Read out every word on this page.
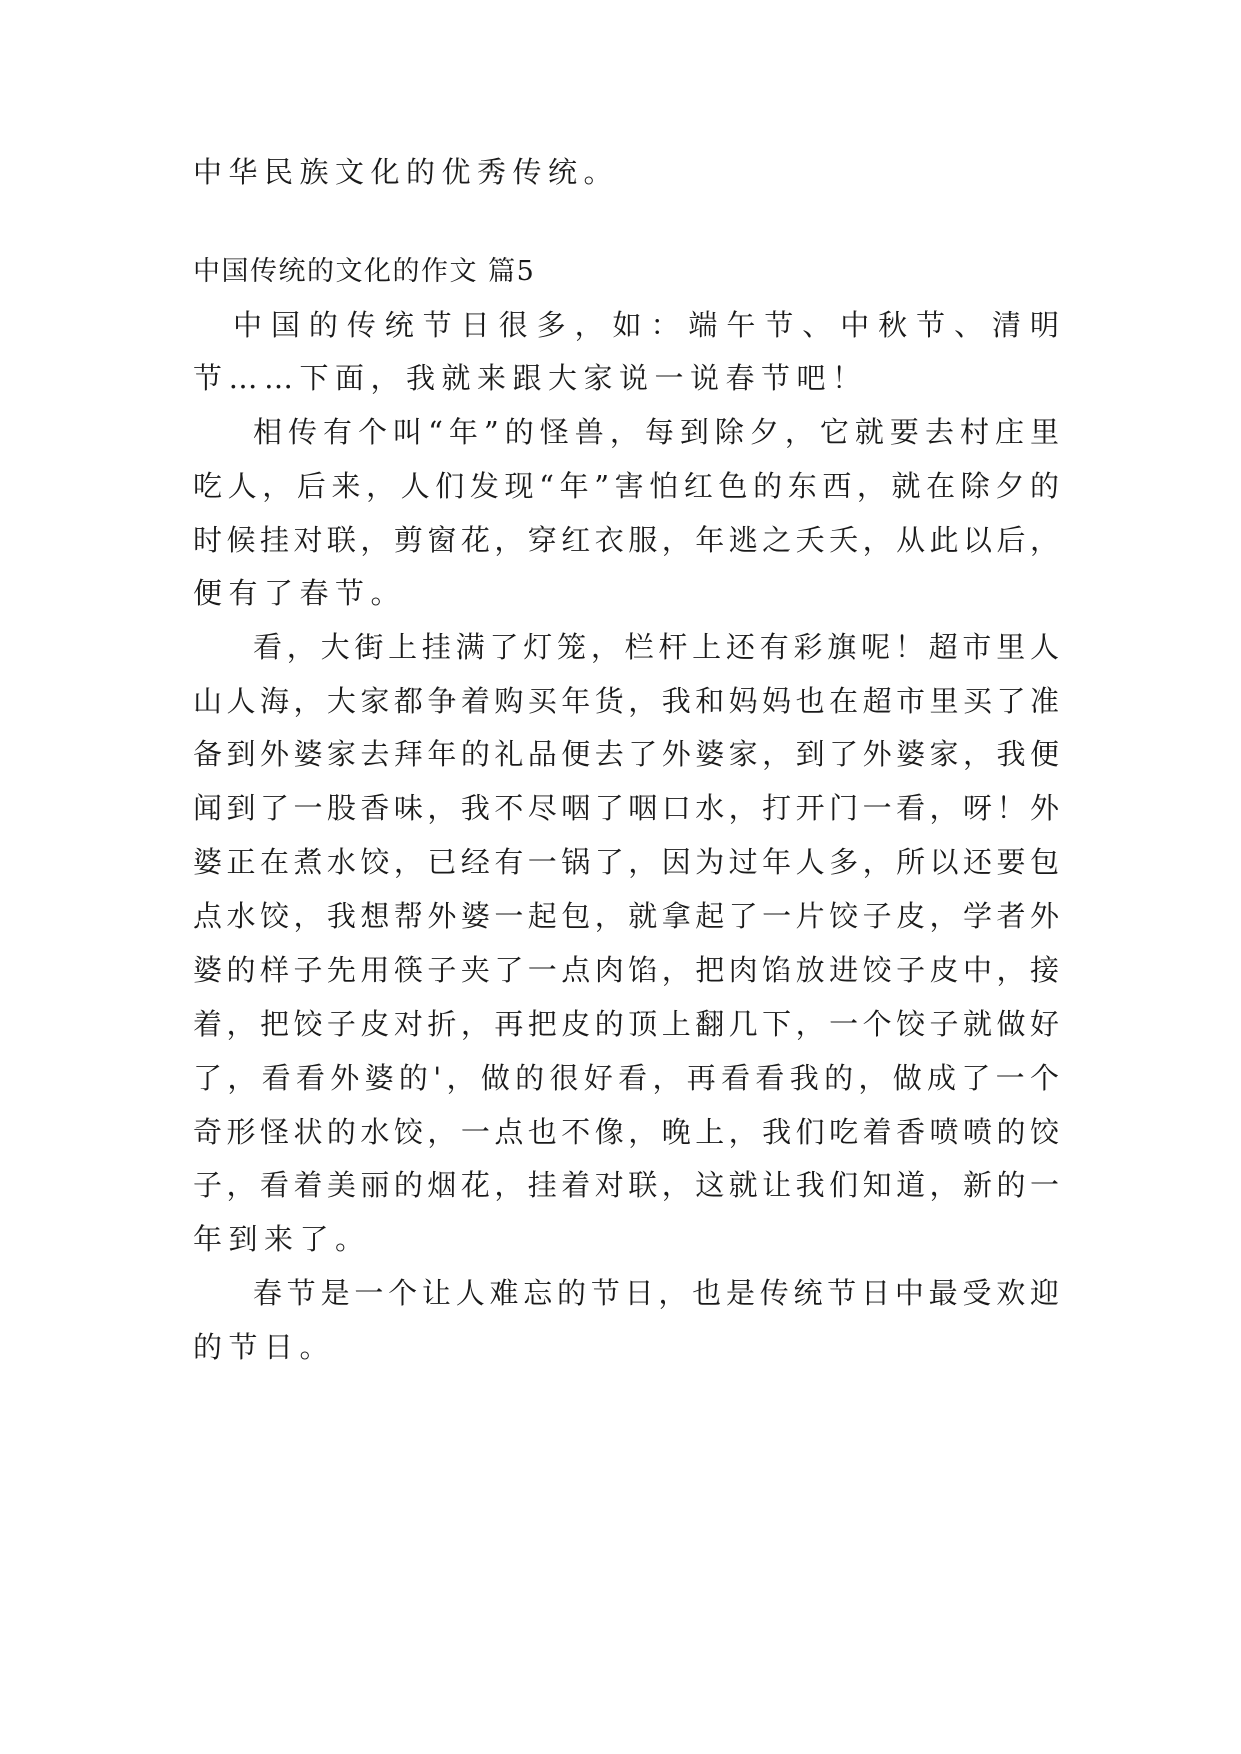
中华民族文化的优秀传统。
中国传统的文化的作文 篇5
中国的传统节日很多，如：端午节、中秋节、清明
节……下面，我就来跟大家说一说春节吧！
相传有个叫“年”的怪兽，每到除夕，它就要去村庄里
吃人，后来，人们发现“年”害怕红色的东西，就在除夕的
时候挂对联，剪窗花，穿红衣服，年逃之夭夭，从此以后，
便有了春节。
看，大街上挂满了灯笼，栏杆上还有彩旗呢！超市里人
山人海，大家都争着购买年货，我和妈妈也在超市里买了准
备到外婆家去拜年的礼品便去了外婆家，到了外婆家，我便
闻到了一股香味，我不尽咽了咽口水，打开门一看，呀！外
婆正在煮水饺，已经有一锅了，因为过年人多，所以还要包
点水饺，我想帮外婆一起包，就拿起了一片饺子皮，学者外
婆的样子先用筷子夹了一点肉馅，把肉馅放进饺子皮中，接
着，把饺子皮对折，再把皮的顶上翻几下，一个饺子就做好
了，看看外婆的'，做的很好看，再看看我的，做成了一个
奇形怪状的水饺，一点也不像，晚上，我们吃着香喷喷的饺
子，看着美丽的烟花，挂着对联，这就让我们知道，新的一
年到来了。
春节是一个让人难忘的节日，也是传统节日中最受欢迎
的节日。
